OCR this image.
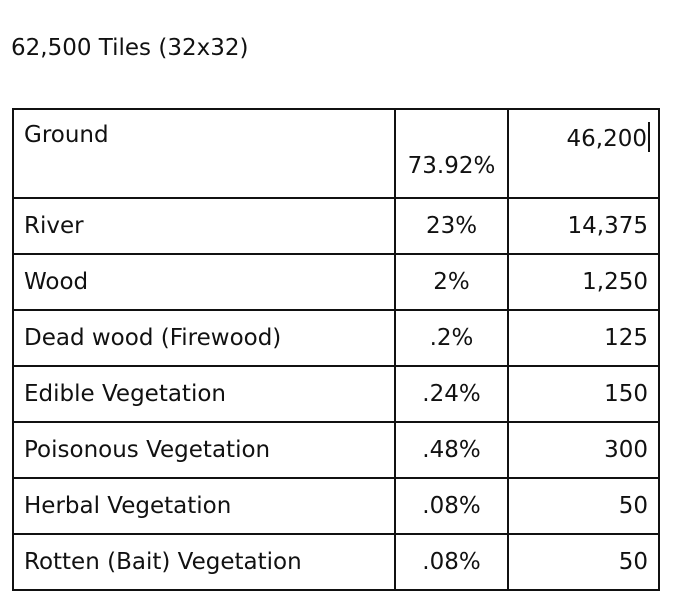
62,500 Tiles (32x32)
Ground	73.92%	46,200
River	23%	14,375
Wood	2%	1,250
Dead wood (Firewood)	.2%	125
Edible Vegetation	.24%	150
Poisonous Vegetation	.48%	300
Herbal Vegetation	.08%	50
Rotten (Bait) Vegetation	.08%	50
